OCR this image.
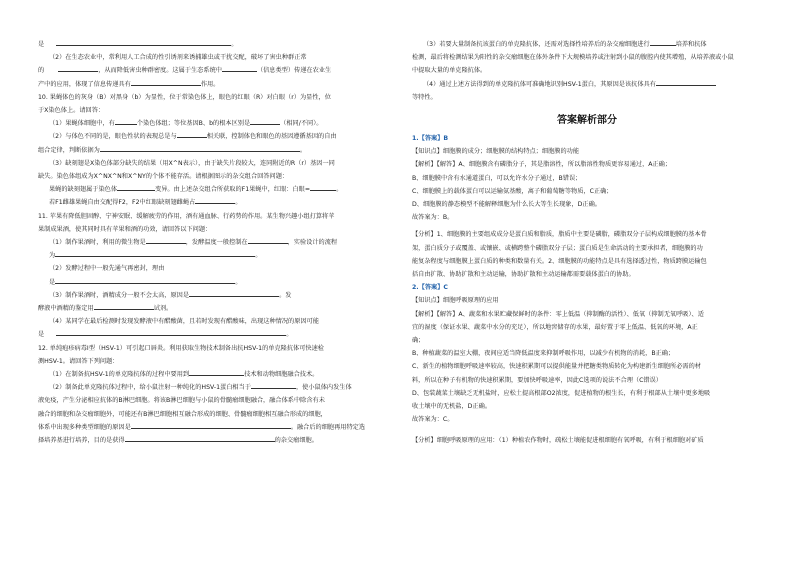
是	。
（2）在生态农业中，常利用人工合成的性引诱剂来诱捕雄虫或干扰交配，破坏了害虫种群正常
的	，从而降低害虫种群密度。这属于生态系统中	（信息类型）传递在农业生
产中的应用，体现了信息传递具有	作用。
10. 果蝇体色的灰身（B）对黑身（b）为显性，位于常染色体上，眼色的红眼（R）对白眼（r）为显性，位
于X染色体上。请回答：
（1）果蝇体细胞中，有	个染色体组；等位基因B、b的根本区别是	（相同/不同）。
（2）与体色不同的是，眼色性状的表现总是与	相关联，控制体色和眼色的基因遵循基因的自由
组合定律，判断依据为	。
（3）缺刻翅是X染色体部分缺失的结果（用X^N表示），由于缺失片段较大，连同附近的R（r）基因一同
缺失。染色体组成为X^NX^N和X^NY的个体不能存活。请根据图示的杂交组合回答问题：
果蝇的缺刻翅属于染色体	变异。由上述杂交组合所获取的F1果蝇中，红眼：白眼=	。
若F1雌雄果蝇自由交配得F2，F2中红眼缺刻翅雌蝇占	。
11. 苹果有降低胆固醇、宁神安眠、缓解疲劳的作用，酒有通血脉、行药势的作用。某生物兴趣小组打算将苹
果制成果酒，使其同时具有苹果和酒的功效，请回答以下问题：
（1）制作果酒时，利用的微生物是	，发酵温度一般控制在	，实验设计的流程
为	。
（2）发酵过程中一般先通气再密封，理由
是	。
（3）制作果酒时，酒精成分一般不会太高，原因是	。发
酵液中酒精的鉴定用	试剂。
（4）某同学在最后检测时发现发酵液中有醋酸菌，且若时发现有醋酸味，出现这种情况的原因可能
是	。
12. 单纯疱疹病毒Ⅰ型（HSV-1）可引起口唇炎。利用获取生物技术制备出抗HSV-1的单克隆抗体可快速检
测HSV-1。请回答下列问题：
（1）在制备抗HSV-1的单克隆抗体的过程中要用到	技术和动物细胞融合技术。
（2）制备此单克隆抗体过程中，给小鼠注射一种纯化的HSV-1蛋白相当于	，使小鼠体内发生体
液免疫，产生分泌相应抗体的B淋巴细胞。将该B淋巴细胞与小鼠的骨髓瘤细胞融合，融合体系中除含有未
融合的细胞和杂交瘤细胞外，可能还有B淋巴细胞相互融合形成的细胞、骨髓瘤细胞相互融合形成的细胞，
体系中出现多种类型细胞的原因是	。融合后的细胞再用特定选
择培养基进行培养，目的是获得	的杂交瘤细胞。
（3）若要大量制备抗该蛋白的单克隆抗体，还需对选择性培养后的杂交瘤细胞进行	培养和抗体
检测，最后将检测结果为阳性的杂交瘤细胞在体外条件下大规模培养或注射到小鼠的腹腔内使其增殖，从培养液或小鼠
中提取大量的单克隆抗体。
（4）通过上述方法得到的单克隆抗体可准确地识别HSV-1蛋白，其原因是该抗体具有
等特性。
答案解析部分
1.【答案】B
【知识点】细胞膜的成分；细胞膜的结构特点；细胞膜的功能
【解析】【解答】A、细胞膜含有磷脂分子，其是脂溶性，所以脂溶性物质更容易通过，A正确；
B、细胞膜中含有水通道蛋白，可以允许水分子通过，B错误；
C、细胞膜上的载体蛋白可以运输氨基酸，离子和葡萄糖等物质，C正确；
D、细胞膜的静态模型不能解释细胞为什么长大等生长现象，D正确。
故答案为：B。
【分析】1、细胞膜的主要组成成分是蛋白质和脂质，脂质中主要是磷脂，磷脂双分子层构成细胞膜的基本骨
架，蛋白质分子或覆盖、或镶嵌、或横跨整个磷脂双分子层；蛋白质是生命活动的主要承担者，细胞膜的功
能复杂程度与细胞膜上蛋白质的种类和数量有关。2、细胞膜的功能特点是具有选择透过性，物质跨膜运输包
括自由扩散、协助扩散和主动运输，协助扩散和主动运输都需要载体蛋白的协助。
2.【答案】C
【知识点】细胞呼吸原理的应用
【解析】【解答】A、蔬菜和水果贮藏保鲜时的条件：零上低温（抑制酶的活性）、低氧（抑制无氧呼吸）、适
宜的湿度（保证水果、蔬菜中水分的充足），所以地窖储存的水果，最好置于零上低温、低氧的环境，A正
确；
B、种植蔬菜的温室大棚，夜间应适当降低温度来抑制呼吸作用，以减少有机物的消耗，B正确；
C、新生的植物细胞呼吸速率较高，快速积累期可以提供能量并把糖类物质转化为构建新生细胞所必需的材
料，所以在种子有机物的快速积累期，要加快呼吸速率，因此C选项的说法不合理（C错误）
D、包装蔬菜土壤缺乏无机盐时，应松土提高根部O2浓度，促进植物的根生长，有利于根部从土壤中更多地吸
收土壤中的无机盐，D正确。
故答案为：C。
【分析】细胞呼吸原理的应用：（1）种植农作物时，疏松土壤能促进根细胞有氧呼吸，有利于根细胞对矿质
